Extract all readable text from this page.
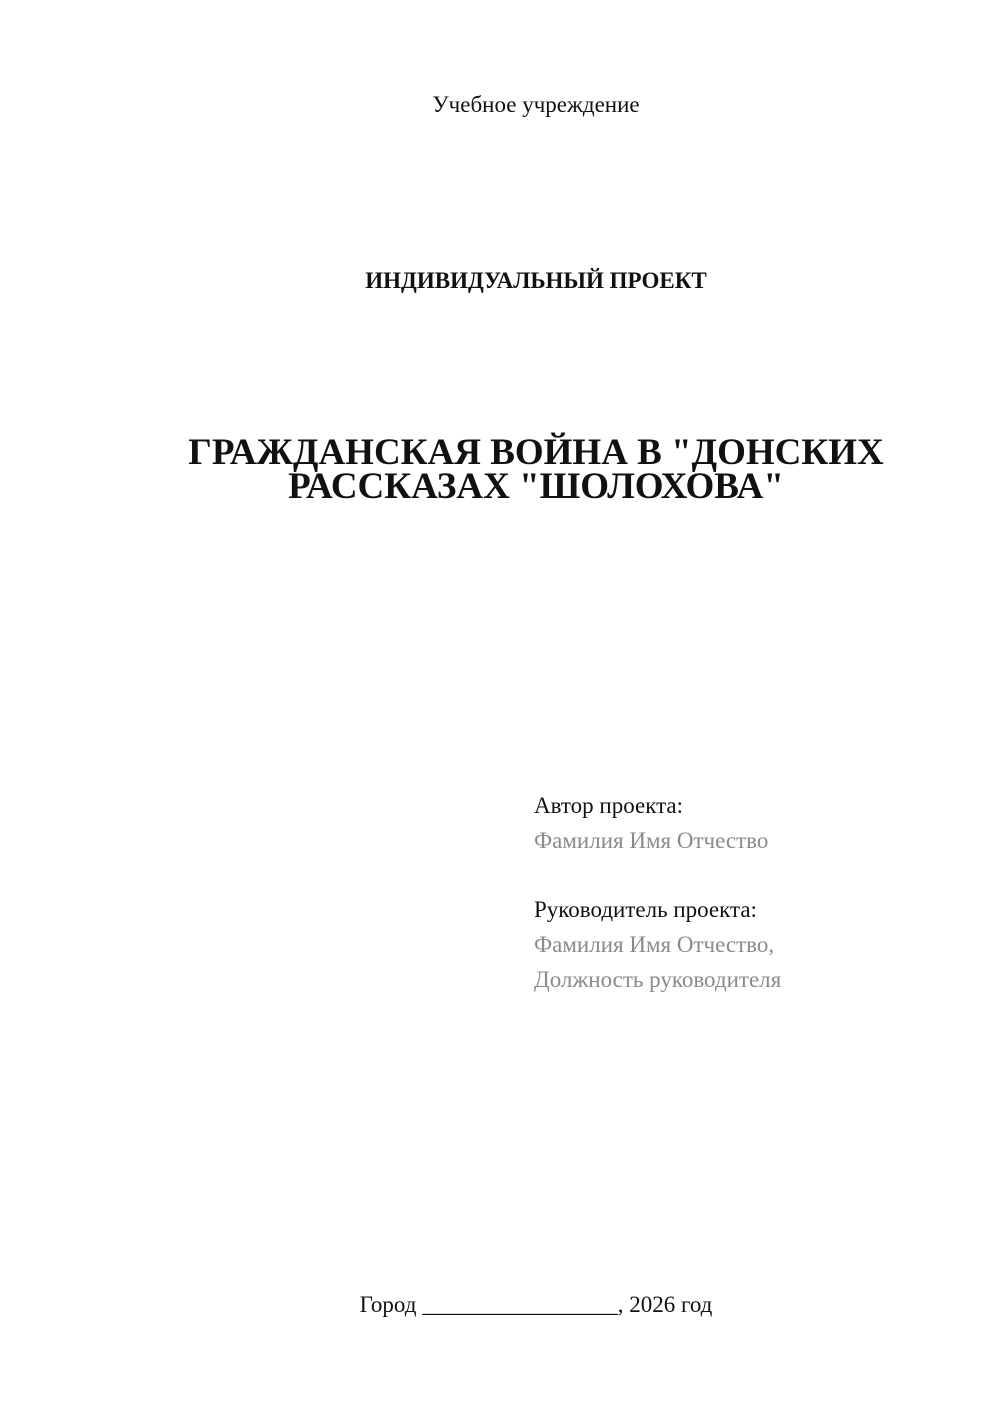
Учебное учреждение
ИНДИВИДУАЛЬНЫЙ ПРОЕКТ
ГРАЖДАНСКАЯ ВОЙНА В "ДОНСКИХ
РАССКАЗАХ "ШОЛОХОВА"
Автор проекта:
Фамилия Имя Отчество
Руководитель проекта:
Фамилия Имя Отчество,
Должность руководителя
Город _________________, 2026 год
